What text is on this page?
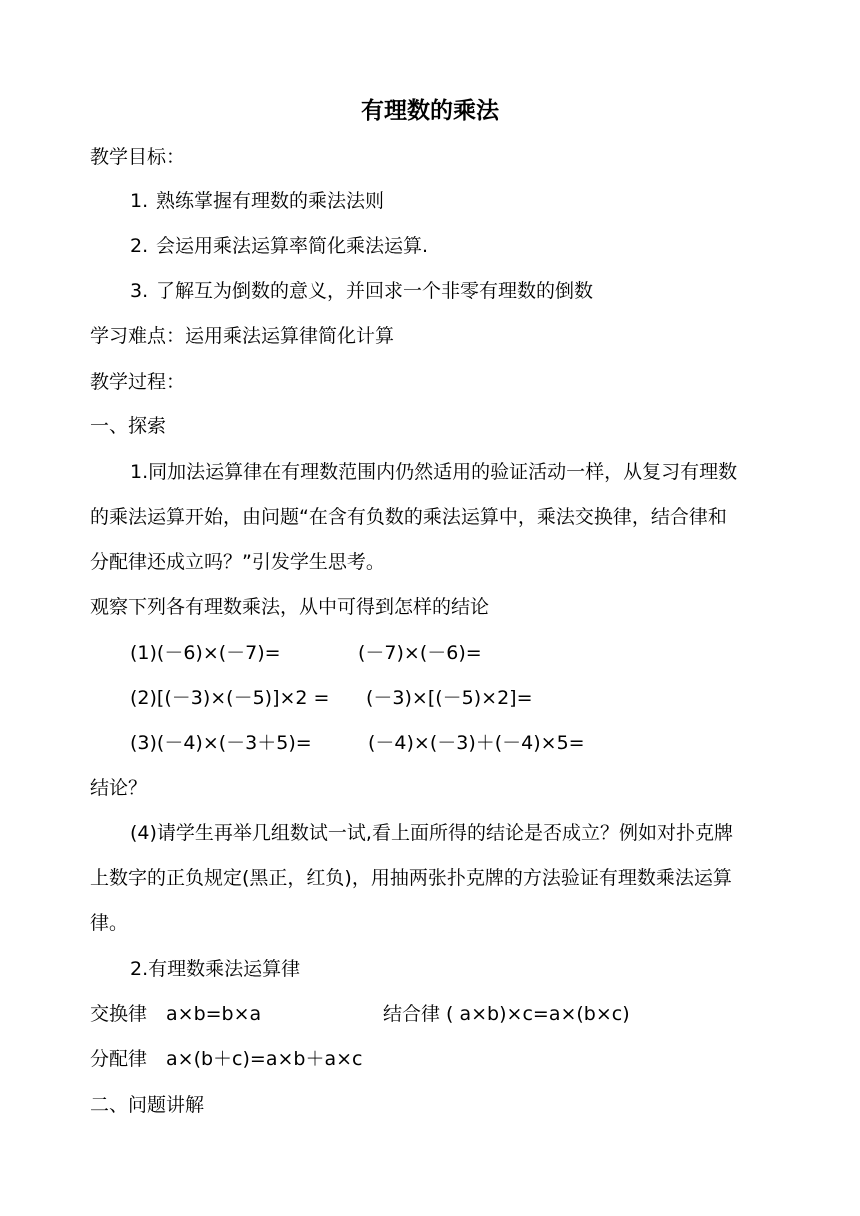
有理数的乘法
教学目标：
1. 熟练掌握有理数的乘法法则
2. 会运用乘法运算率简化乘法运算.
3. 了解互为倒数的意义，并回求一个非零有理数的倒数
学习难点：运用乘法运算律简化计算
教学过程：
一、探索
1.同加法运算律在有理数范围内仍然适用的验证活动一样，从复习有理数
的乘法运算开始，由问题“在含有负数的乘法运算中，乘法交换律，结合律和
分配律还成立吗？”引发学生思考。
观察下列各有理数乘法，从中可得到怎样的结论
(1)(－6)×(－7)=	(－7)×(－6)=
(2)[(－3)×(－5)]×2 = (－3)×[(－5)×2]=
(3)(－4)×(－3＋5)=	(－4)×(－3)＋(－4)×5=
结论？
(4)请学生再举几组数试一试,看上面所得的结论是否成立？例如对扑克牌
上数字的正负规定(黑正，红负)，用抽两张扑克牌的方法验证有理数乘法运算
律。
2.有理数乘法运算律
交换律　a×b=b×a	结合律 ( a×b)×c=a×(b×c)
分配律　a×(b＋c)=a×b＋a×c
二、问题讲解
